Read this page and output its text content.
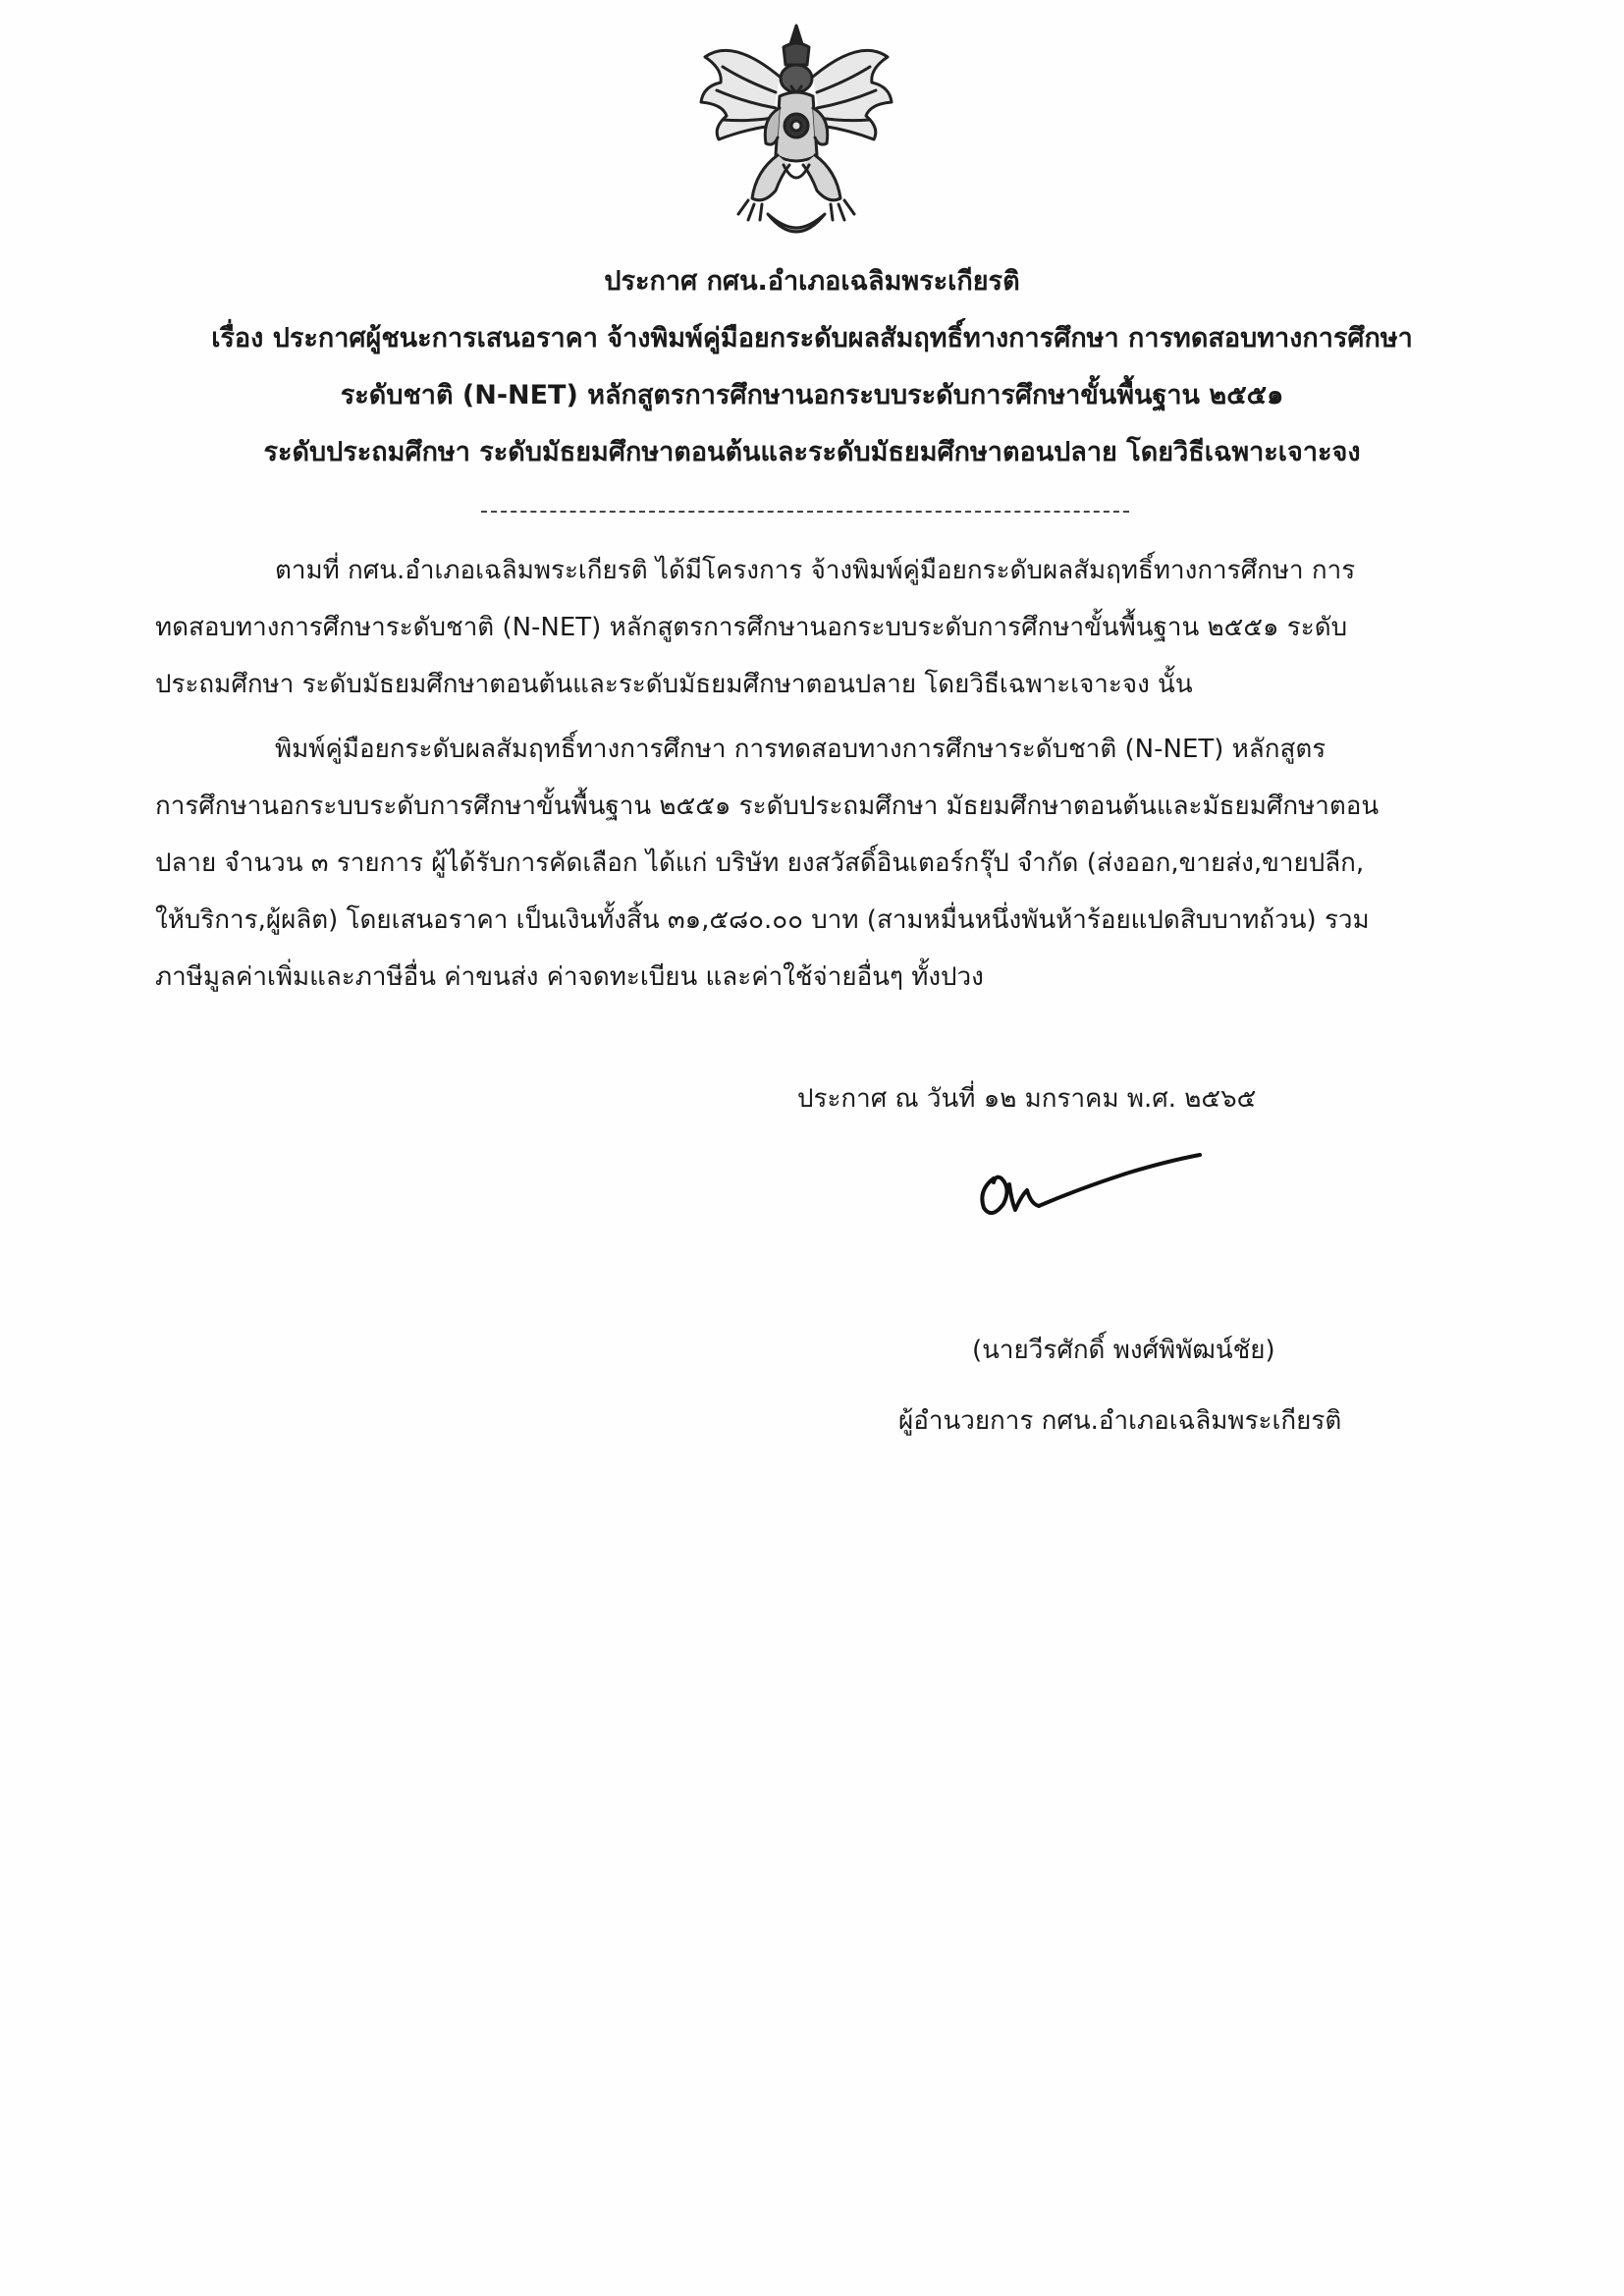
ประกาศ กศน.อำเภอเฉลิมพระเกียรติ
เรื่อง ประกาศผู้ชนะการเสนอราคา จ้างพิมพ์คู่มือยกระดับผลสัมฤทธิ์ทางการศึกษา การทดสอบทางการศึกษา
ระดับชาติ (N-NET) หลักสูตรการศึกษานอกระบบระดับการศึกษาขั้นพื้นฐาน ๒๕๕๑
ระดับประถมศึกษา ระดับมัธยมศึกษาตอนต้นและระดับมัธยมศึกษาตอนปลาย โดยวิธีเฉพาะเจาะจง
ตามที่ กศน.อำเภอเฉลิมพระเกียรติ ได้มีโครงการ จ้างพิมพ์คู่มือยกระดับผลสัมฤทธิ์ทางการศึกษา การ
ทดสอบทางการศึกษาระดับชาติ (N-NET) หลักสูตรการศึกษานอกระบบระดับการศึกษาขั้นพื้นฐาน ๒๕๕๑ ระดับ
ประถมศึกษา ระดับมัธยมศึกษาตอนต้นและระดับมัธยมศึกษาตอนปลาย โดยวิธีเฉพาะเจาะจง นั้น
พิมพ์คู่มือยกระดับผลสัมฤทธิ์ทางการศึกษา การทดสอบทางการศึกษาระดับชาติ (N-NET) หลักสูตร
การศึกษานอกระบบระดับการศึกษาขั้นพื้นฐาน ๒๕๕๑ ระดับประถมศึกษา มัธยมศึกษาตอนต้นและมัธยมศึกษาตอน
ปลาย จำนวน ๓ รายการ ผู้ได้รับการคัดเลือก ได้แก่ บริษัท ยงสวัสดิ์อินเตอร์กรุ๊ป จำกัด (ส่งออก,ขายส่ง,ขายปลีก,
ให้บริการ,ผู้ผลิต) โดยเสนอราคา เป็นเงินทั้งสิ้น ๓๑,๕๘๐.๐๐ บาท (สามหมื่นหนึ่งพันห้าร้อยแปดสิบบาทถ้วน) รวม
ภาษีมูลค่าเพิ่มและภาษีอื่น ค่าขนส่ง ค่าจดทะเบียน และค่าใช้จ่ายอื่นๆ ทั้งปวง
ประกาศ ณ วันที่ ๑๒ มกราคม พ.ศ. ๒๕๖๕
(นายวีรศักดิ์ พงศ์พิพัฒน์ชัย)
ผู้อำนวยการ กศน.อำเภอเฉลิมพระเกียรติ
